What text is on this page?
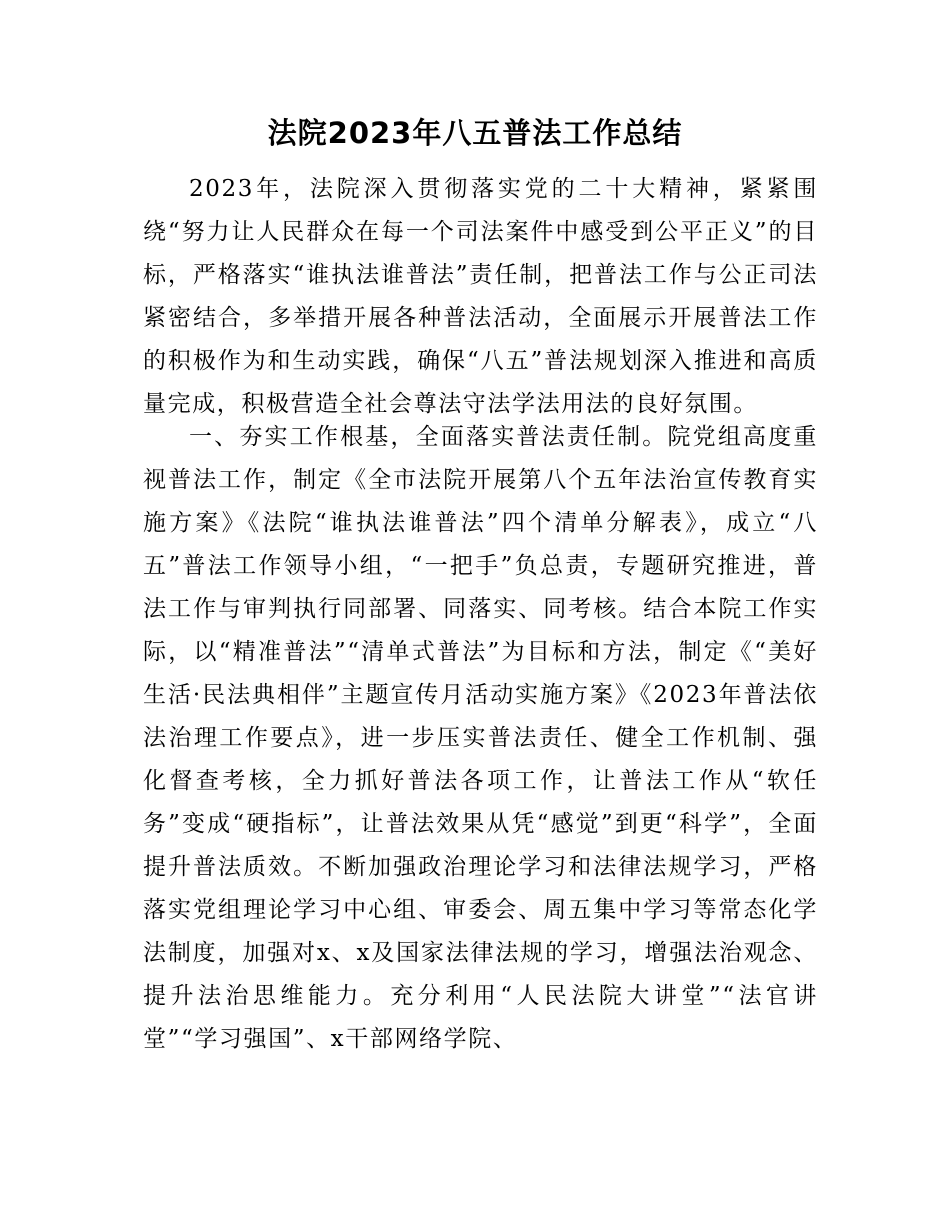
法院2023年八五普法工作总结

2023年，法院深入贯彻落实党的二十大精神，紧紧围绕“努力让人民群众在每一个司法案件中感受到公平正义”的目标，严格落实“谁执法谁普法”责任制，把普法工作与公正司法紧密结合，多举措开展各种普法活动，全面展示开展普法工作的积极作为和生动实践，确保“八五”普法规划深入推进和高质量完成，积极营造全社会尊法守法学法用法的良好氛围。

一、夯实工作根基，全面落实普法责任制。院党组高度重视普法工作，制定《全市法院开展第八个五年法治宣传教育实施方案》《法院“谁执法谁普法”四个清单分解表》，成立“八五”普法工作领导小组，“一把手”负总责，专题研究推进，普法工作与审判执行同部署、同落实、同考核。结合本院工作实际，以“精准普法”“清单式普法”为目标和方法，制定《“美好生活·民法典相伴”主题宣传月活动实施方案》《2023年普法依法治理工作要点》，进一步压实普法责任、健全工作机制、强化督查考核，全力抓好普法各项工作，让普法工作从“软任务”变成“硬指标”，让普法效果从凭“感觉”到更“科学”，全面提升普法质效。不断加强政治理论学习和法律法规学习，严格落实党组理论学习中心组、审委会、周五集中学习等常态化学法制度，加强对x、x及国家法律法规的学习，增强法治观念、提升法治思维能力。充分利用“人民法院大讲堂”“法官讲堂”“学习强国”、x干部网络学院、
